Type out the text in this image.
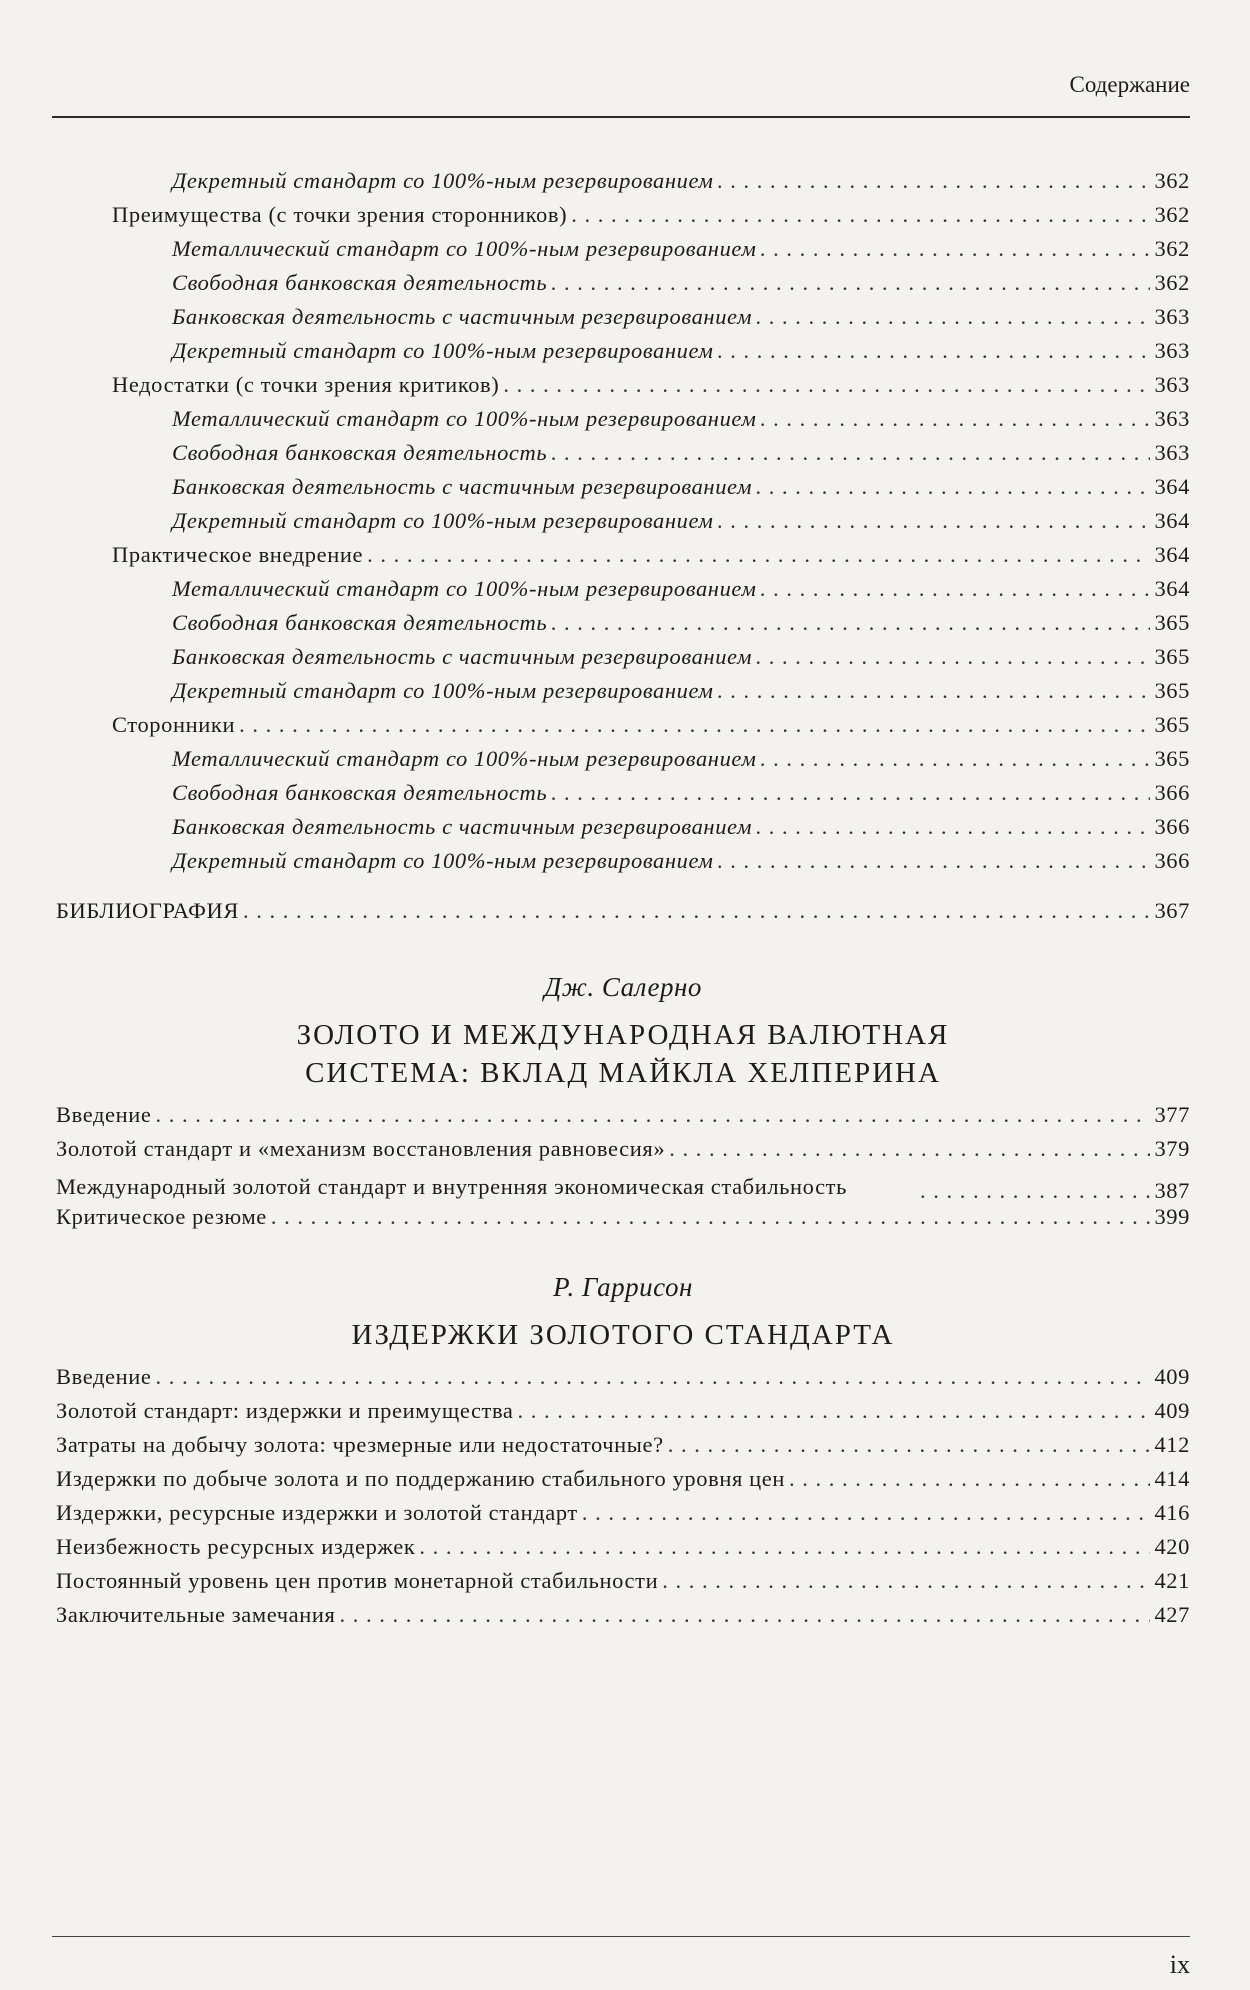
Содержание
Декретный стандарт со 100%-ным резервированием . . .	362
Преимущества (с точки зрения сторонников) . . .	362
Металлический стандарт со 100%-ным резервированием . . .	362
Свободная банковская деятельность . . .	362
Банковская деятельность с частичным резервированием . . .	363
Декретный стандарт со 100%-ным резервированием . . .	363
Недостатки (с точки зрения критиков) . . .	363
Металлический стандарт со 100%-ным резервированием . . .	363
Свободная банковская деятельность . . .	363
Банковская деятельность с частичным резервированием . . .	364
Декретный стандарт со 100%-ным резервированием . . .	364
Практическое внедрение . . .	364
Металлический стандарт со 100%-ным резервированием . . .	364
Свободная банковская деятельность . . .	365
Банковская деятельность с частичным резервированием . . .	365
Декретный стандарт со 100%-ным резервированием . . .	365
Сторонники . . .	365
Металлический стандарт со 100%-ным резервированием . . .	365
Свободная банковская деятельность . . .	366
Банковская деятельность с частичным резервированием . . .	366
Декретный стандарт со 100%-ным резервированием . . .	366
БИБЛИОГРАФИЯ . . .	367
Дж. Салерно
ЗОЛОТО И МЕЖДУНАРОДНАЯ ВАЛЮТНАЯ
СИСТЕМА: ВКЛАД МАЙКЛА ХЕЛПЕРИНА
Введение . . .	377
Золотой стандарт и «механизм восстановления равновесия» . . .	379
Международный золотой стандарт и внутренняя экономическая стабильность . . .	387
Критическое резюме . . .	399
Р. Гаррисон
ИЗДЕРЖКИ ЗОЛОТОГО СТАНДАРТА
Введение . . .	409
Золотой стандарт: издержки и преимущества . . .	409
Затраты на добычу золота: чрезмерные или недостаточные? . . .	412
Издержки по добыче золота и по поддержанию стабильного уровня цен . . .	414
Издержки, ресурсные издержки и золотой стандарт . . .	416
Неизбежность ресурсных издержек . . .	420
Постоянный уровень цен против монетарной стабильности . . .	421
Заключительные замечания . . .	427
ix
